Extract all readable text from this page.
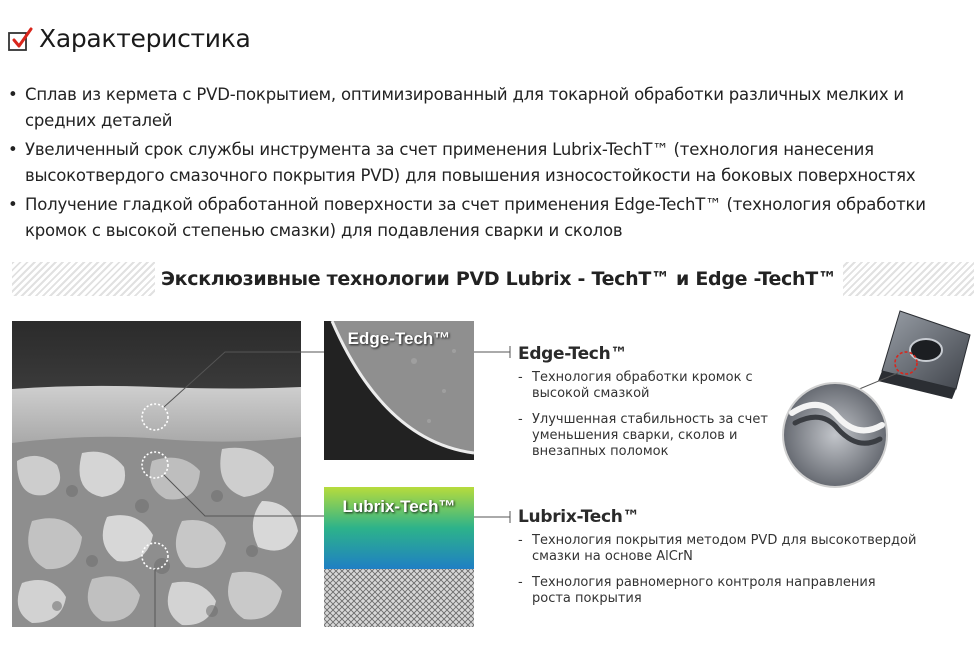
Характеристика
• Сплав из кермета с PVD-покрытием, оптимизированный для токарной обработки различных мелких и средних деталей
• Увеличенный срок службы инструмента за счет применения Lubrix-TechT™ (технология нанесения высокотвердого смазочного покрытия PVD) для повышения износостойкости на боковых поверхностях
• Получение гладкой обработанной поверхности за счет применения Edge-TechT™ (технология обработки кромок с высокой степенью смазки) для подавления сварки и сколов
Эксклюзивные технологии PVD Lubrix - TechT™ и Edge -TechT™
Edge-Tech™
Lubrix-Tech™
Edge-Tech™
- Технология обработки кромок с высокой смазкой
- Улучшенная стабильность за счет уменьшения сварки, сколов и внезапных поломок
Lubrix-Tech™
- Технология покрытия методом PVD для высокотвердой смазки на основе AlCrN
- Технология равномерного контроля направления роста покрытия
